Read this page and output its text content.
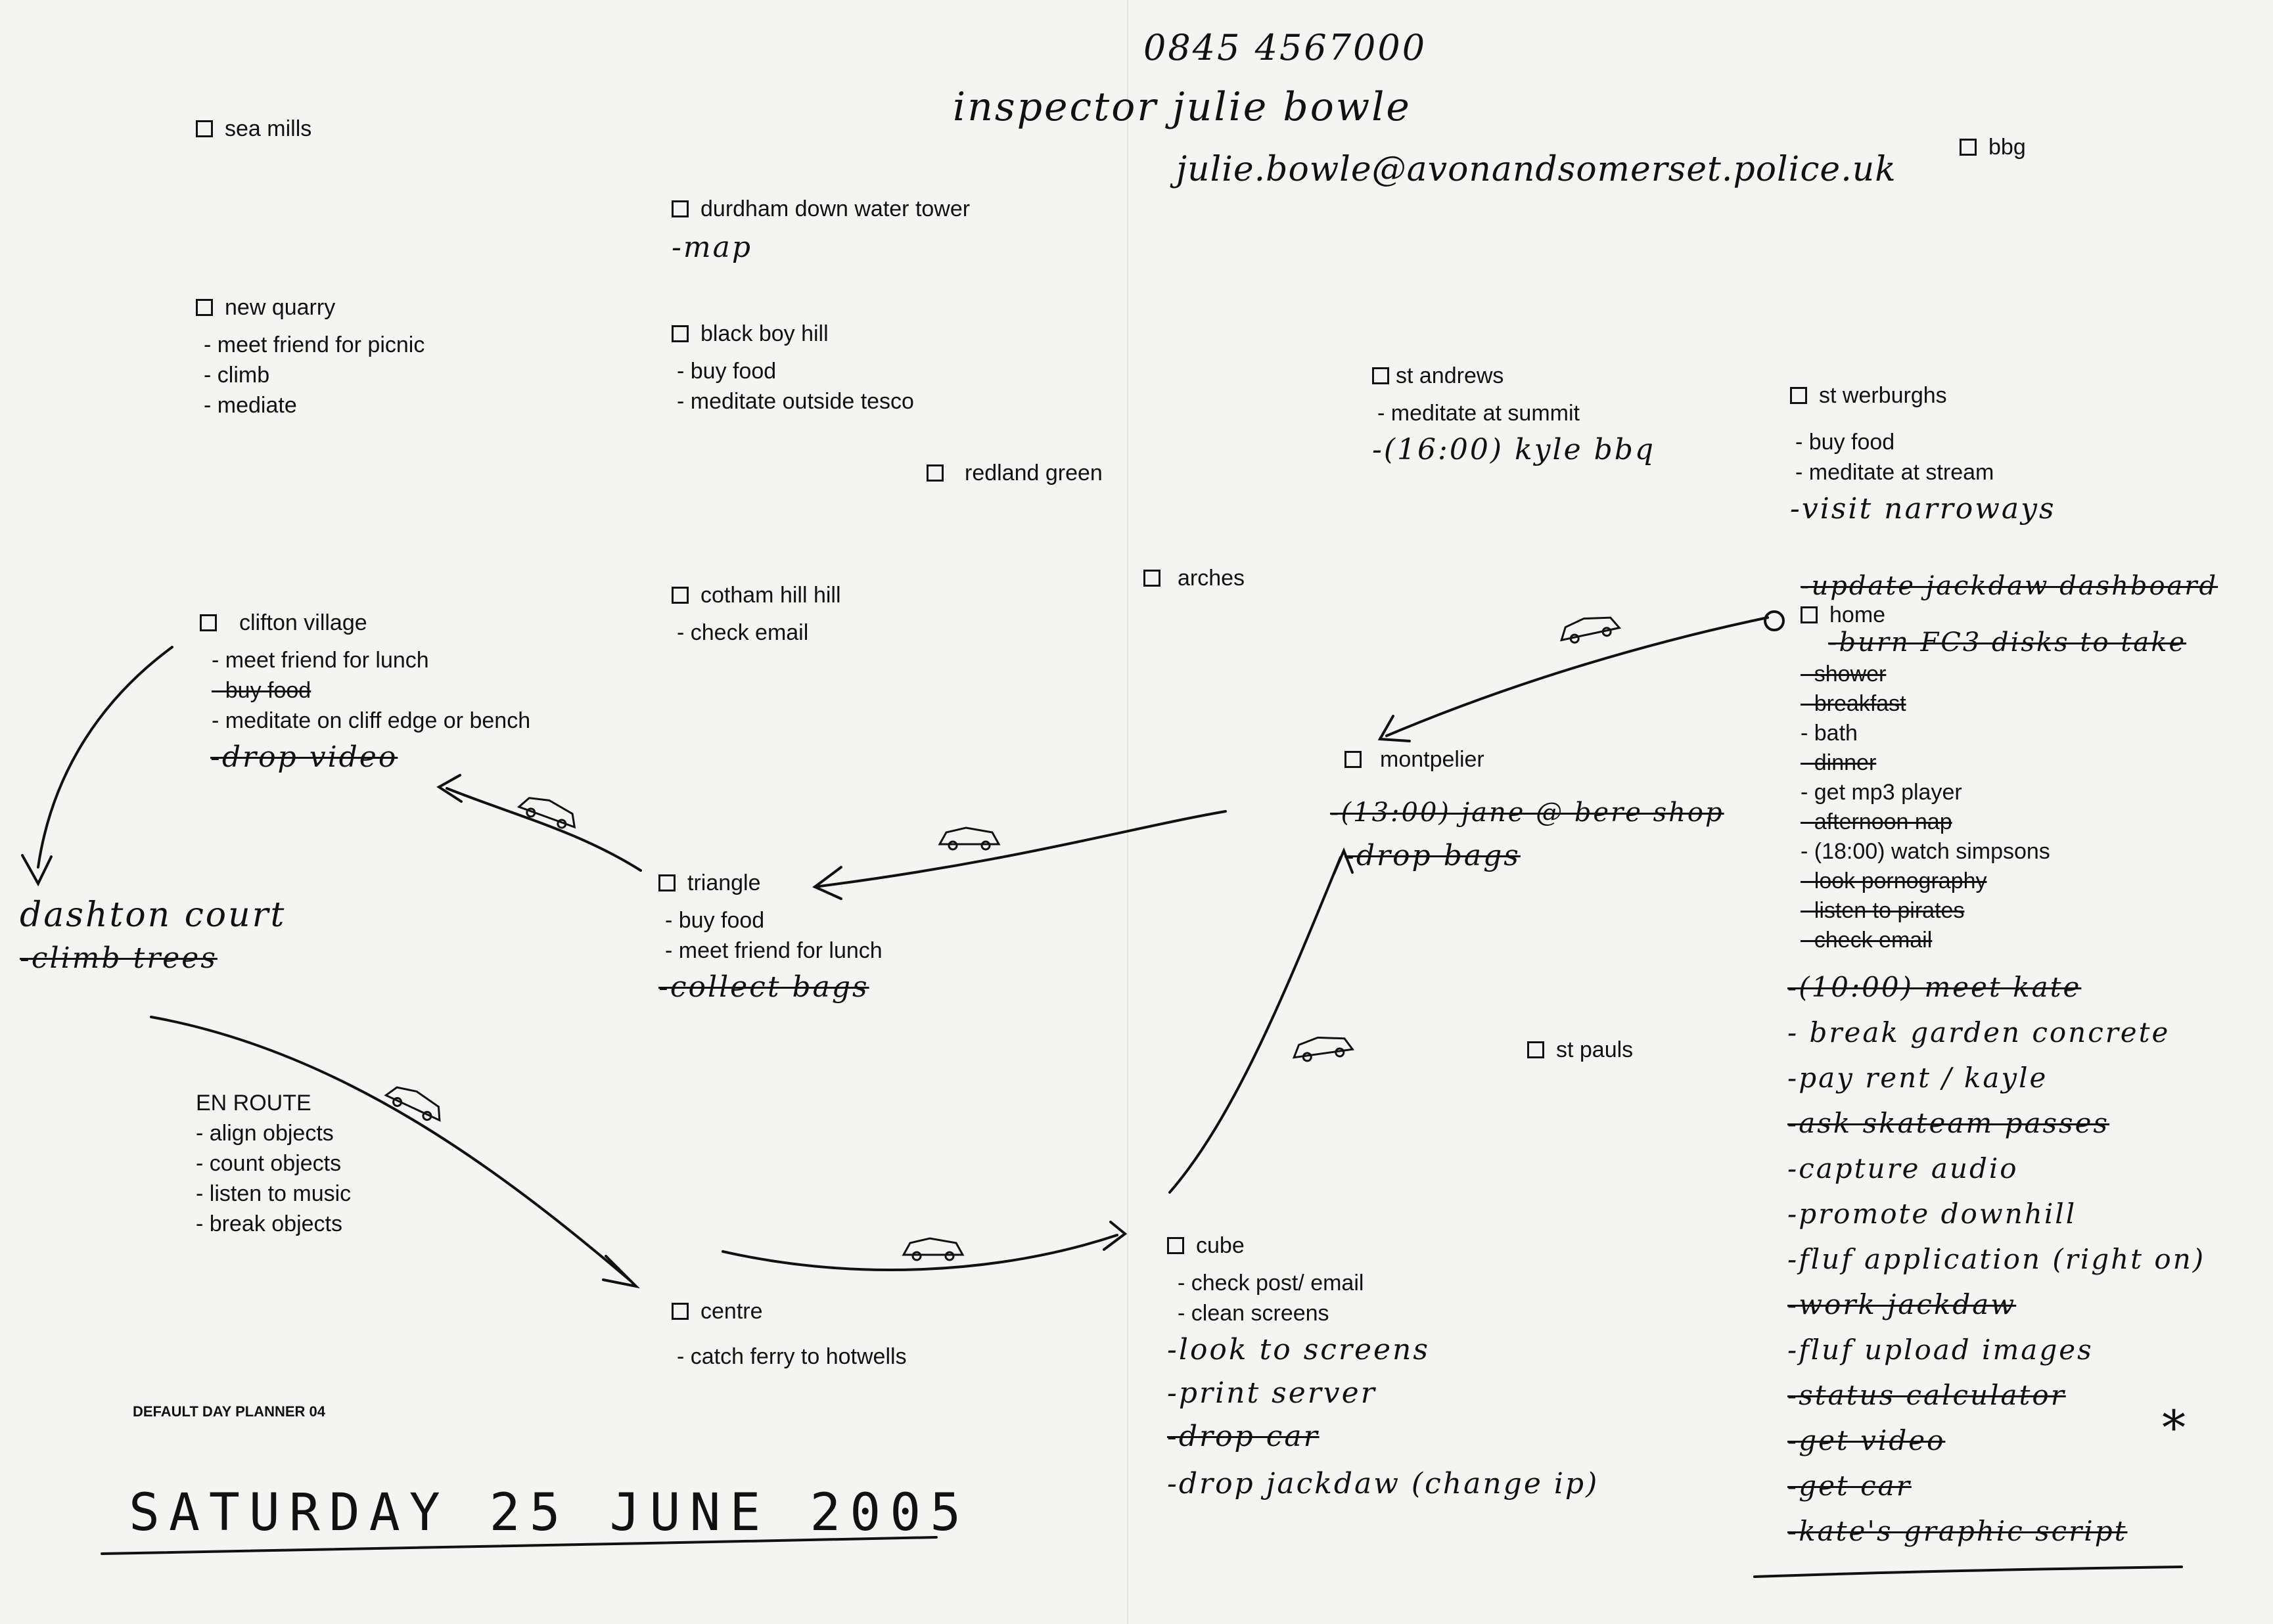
0845 4567000
inspector julie bowle
julie.bowle@avonandsomerset.police.uk
sea mills
new quarry
- meet friend for picnic
- climb
- mediate
durdham down water tower
-map
black boy hill
- buy food
- meditate outside tesco
redland green
cotham hill hill
- check email
arches
bbg
st andrews
- meditate at summit
-(16:00) kyle bbq
st werburghs
- buy food
- meditate at stream
-visit narroways
clifton village
- meet friend for lunch
- buy food
- meditate on cliff edge or bench
-drop video
dashton court
-climb trees
triangle
- buy food
- meet friend for lunch
-collect bags
montpelier
-(13:00) jane @ bere shop
-drop bags
st pauls
EN ROUTE
- align objects
- count objects
- listen to music
- break objects
centre
- catch ferry to hotwells
cube
- check post/ email
- clean screens
-look to screens
-print server
-drop car
-drop jackdaw (change ip)
-update jackdaw dashboard
home
-burn FC3 disks to take
- shower
- breakfast
- bath
- dinner
- get mp3 player
- afternoon nap
- (18:00) watch simpsons
- look pornography
- listen to pirates
- check email
-(10:00) meet kate
- break garden concrete
-pay rent / kayle
-ask skateam passes
-capture audio
-promote downhill
-fluf application (right on)
-work jackdaw
-fluf upload images
-status calculator
-get video
-get car
-kate's graphic script
*
DEFAULT DAY PLANNER 04
SATURDAY 25 JUNE 2005
